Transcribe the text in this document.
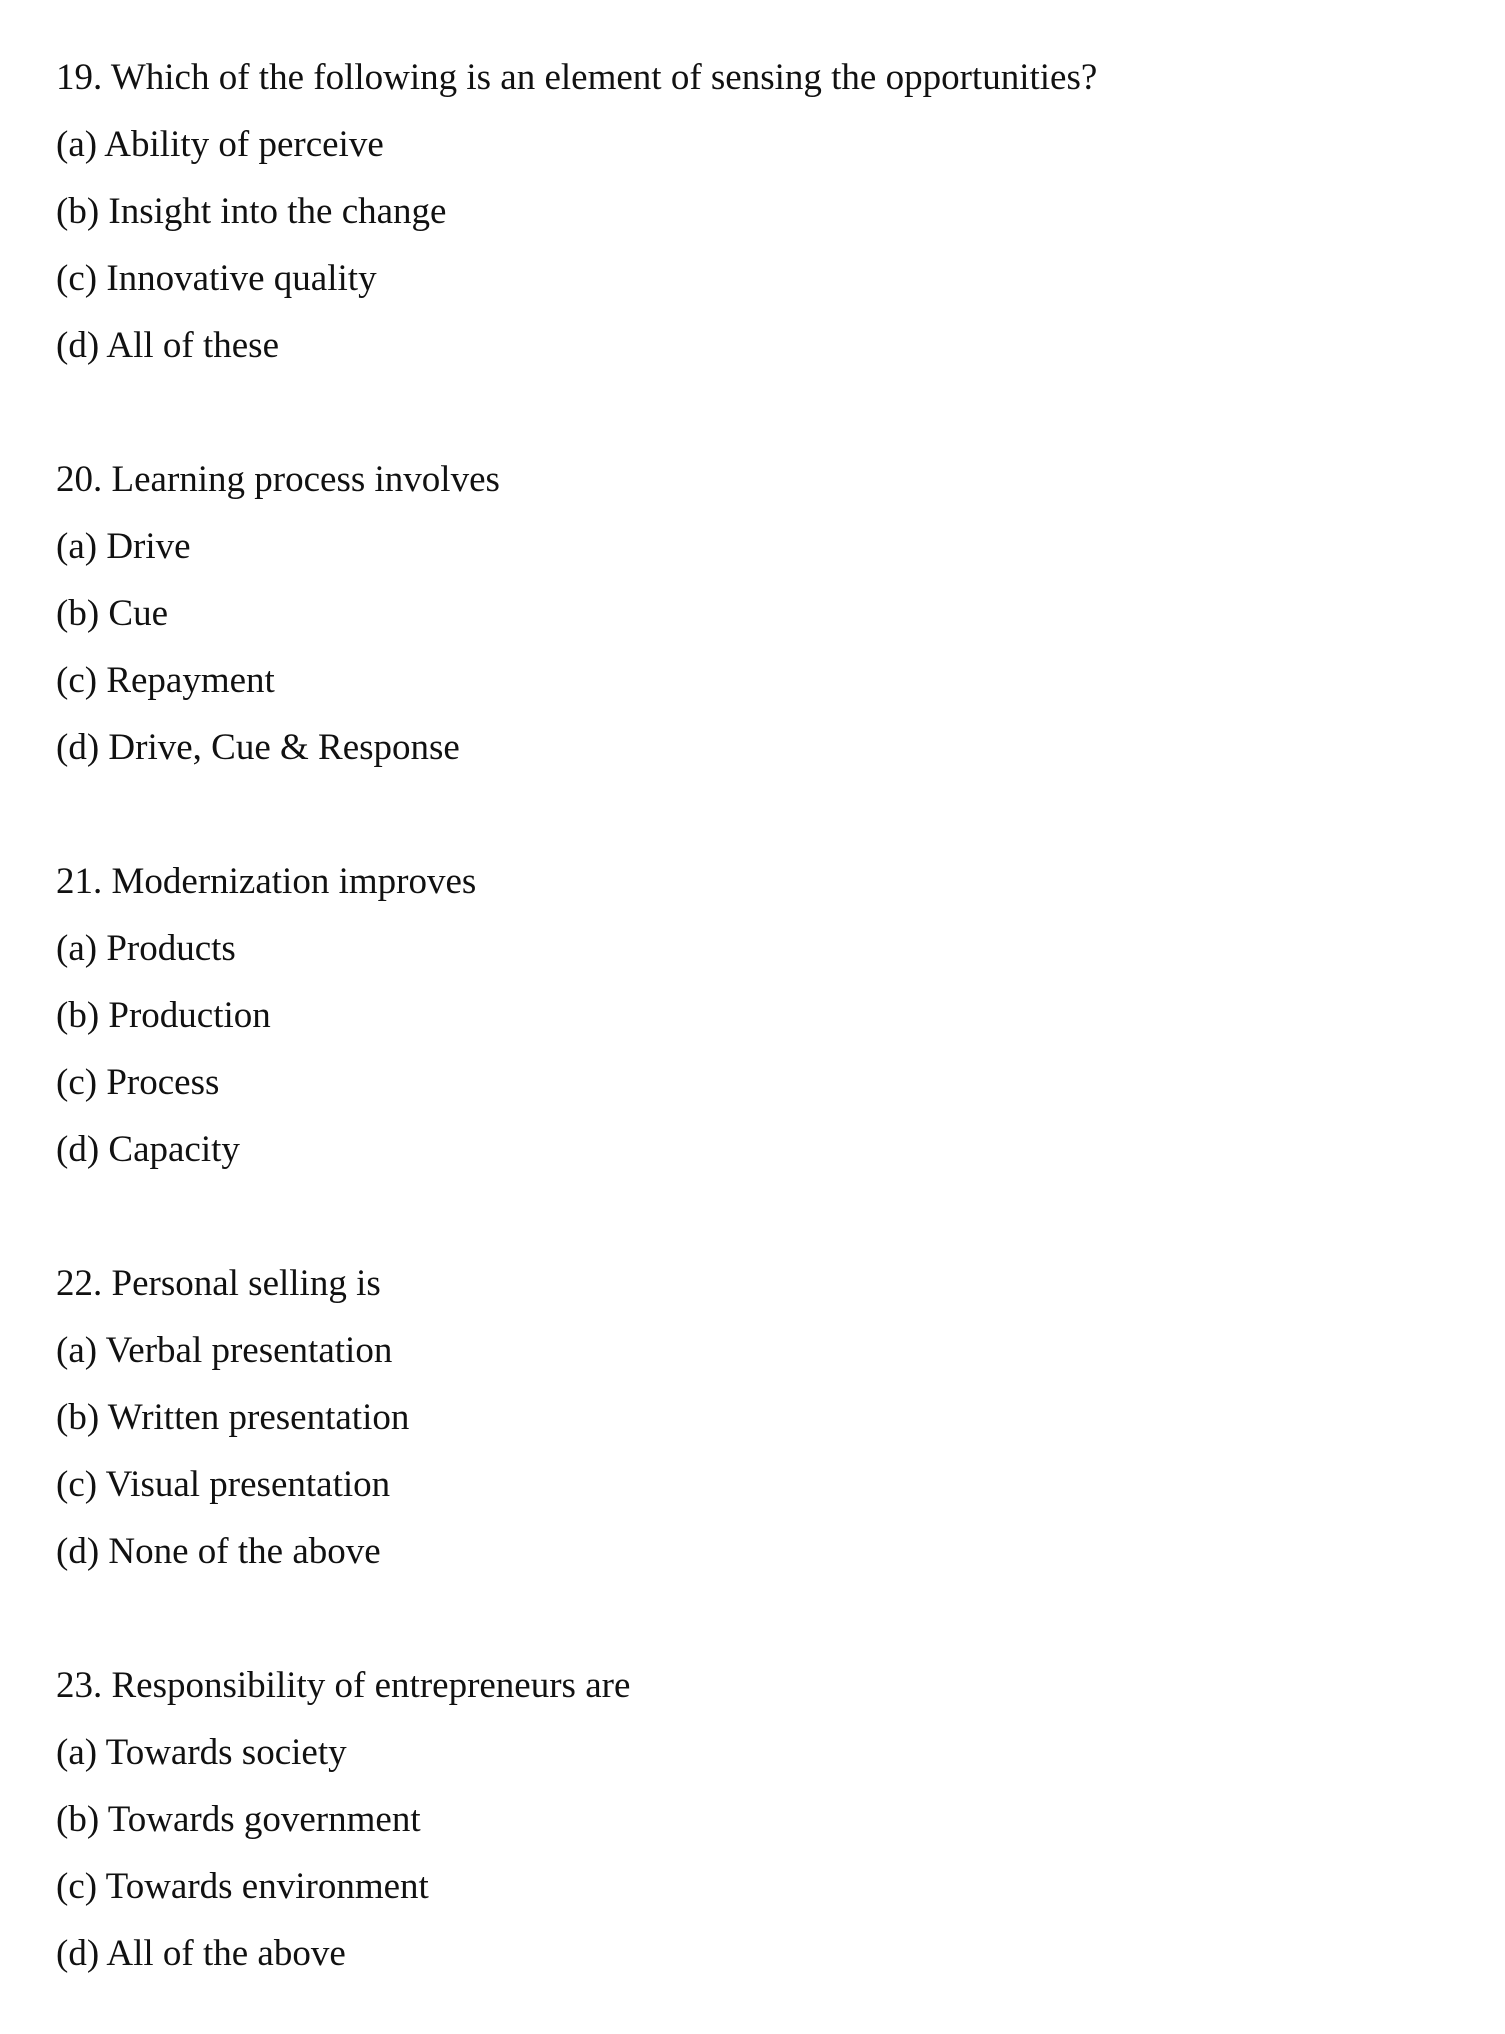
19. Which of the following is an element of sensing the opportunities?
(a) Ability of perceive
(b) Insight into the change
(c) Innovative quality
(d) All of these
20. Learning process involves
(a) Drive
(b) Cue
(c) Repayment
(d) Drive, Cue & Response
21. Modernization improves
(a) Products
(b) Production
(c) Process
(d) Capacity
22. Personal selling is
(a) Verbal presentation
(b) Written presentation
(c) Visual presentation
(d) None of the above
23. Responsibility of entrepreneurs are
(a) Towards society
(b) Towards government
(c) Towards environment
(d) All of the above
